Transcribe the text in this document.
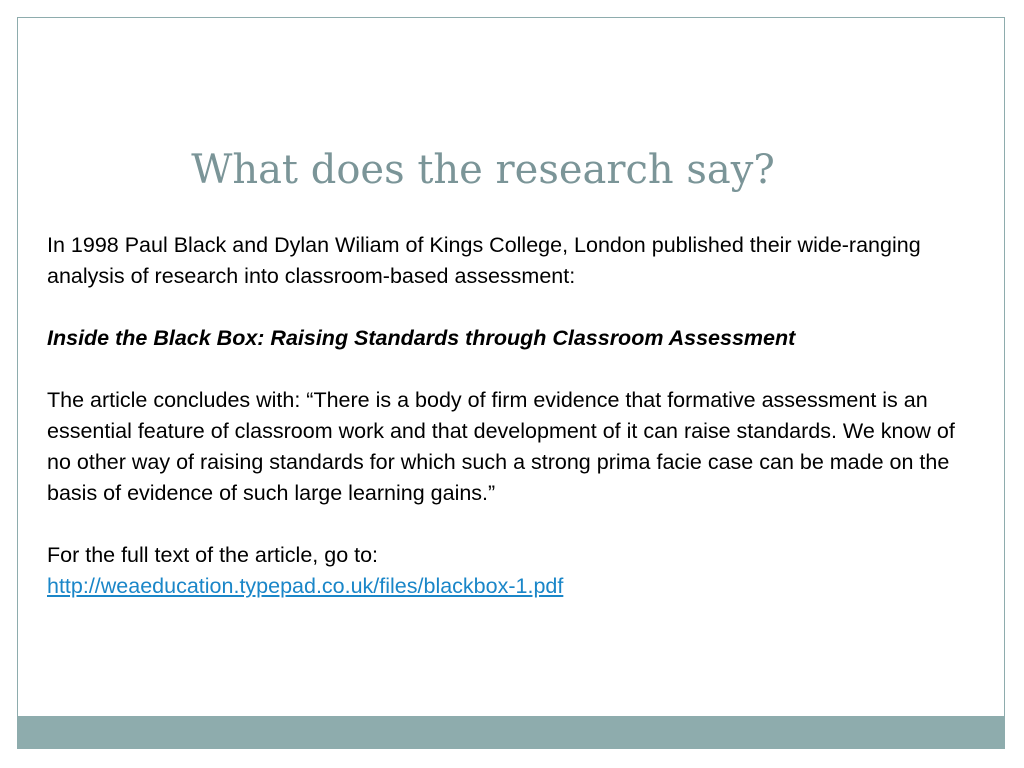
What does the research say?

In 1998 Paul Black and Dylan Wiliam of Kings College, London published their wide-ranging analysis of research into classroom-based assessment:

Inside the Black Box: Raising Standards through Classroom Assessment

The article concludes with: “There is a body of firm evidence that formative assessment is an essential feature of classroom work and that development of it can raise standards. We know of no other way of raising standards for which such a strong prima facie case can be made on the basis of evidence of such large learning gains.”

For the full text of the article, go to:

http://weaeducation.typepad.co.uk/files/blackbox-1.pdf
